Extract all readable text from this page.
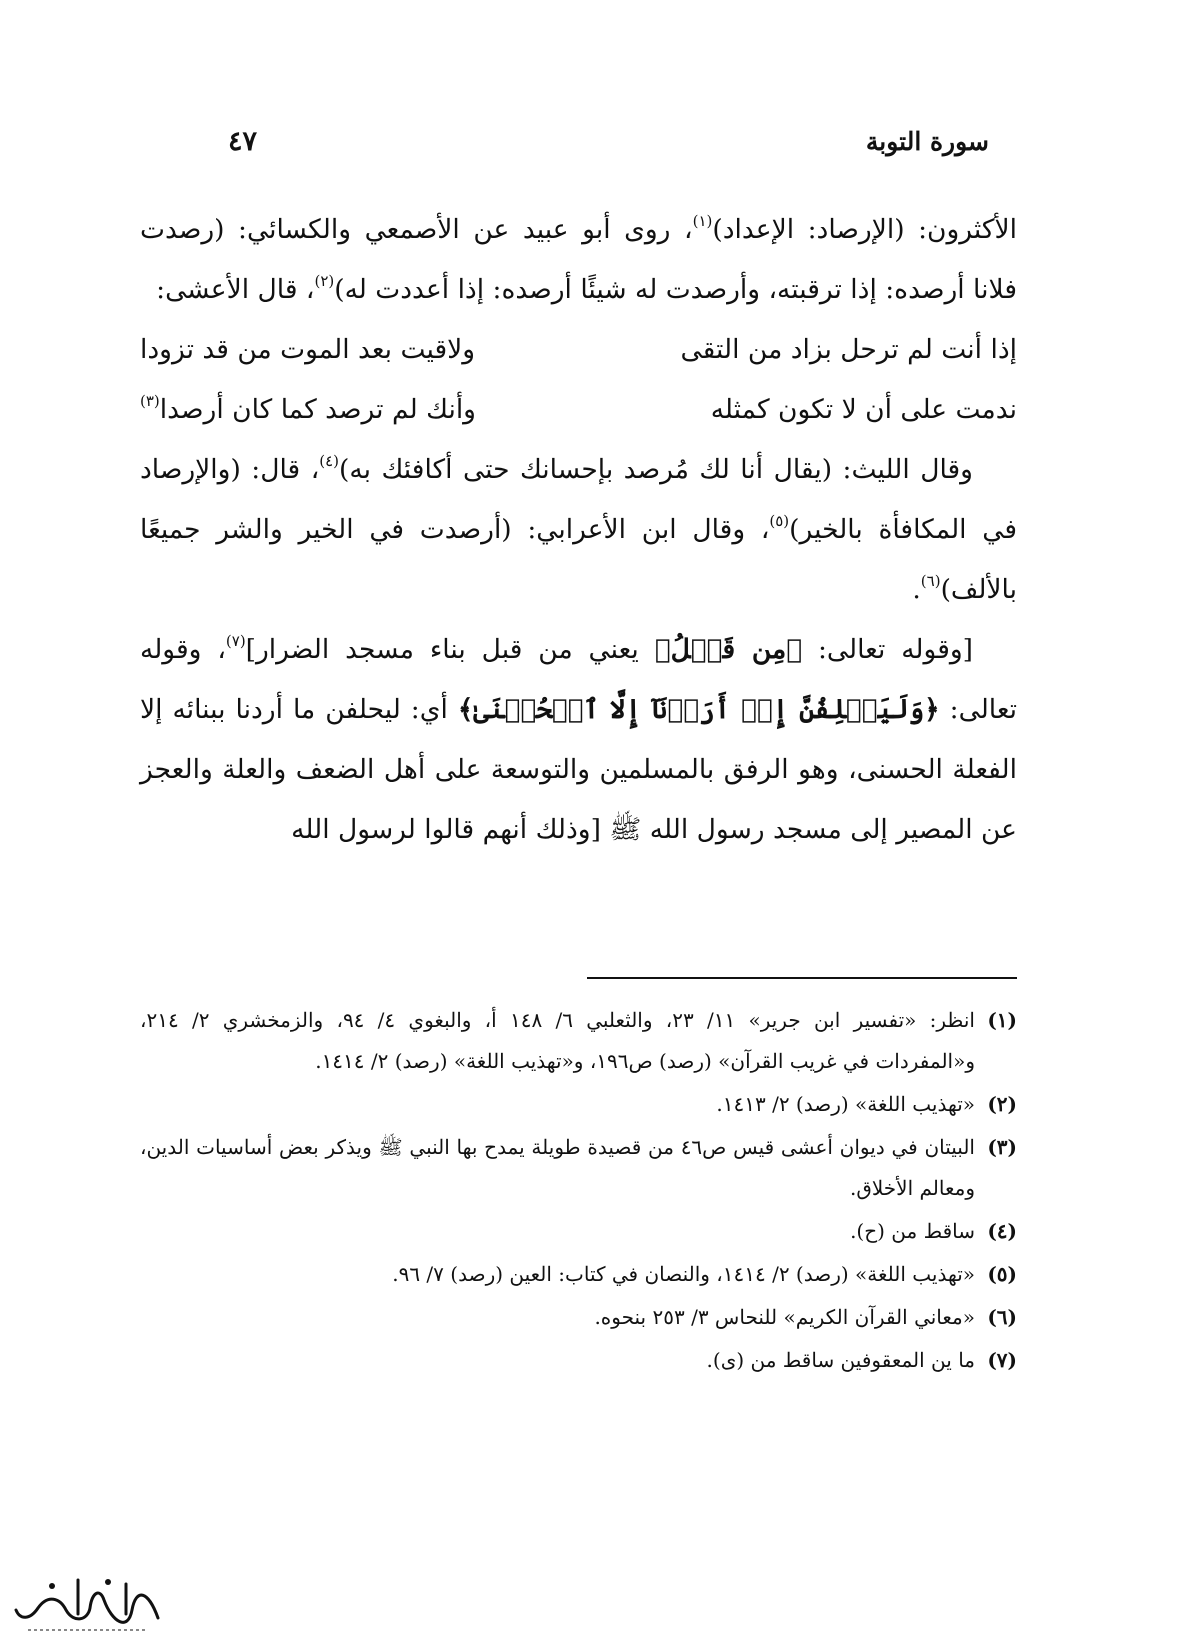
سورة التوبة
٤٧

الأكثرون: (الإرصاد: الإعداد)$^{(١)}$، روى أبو عبيد عن الأصمعي والكسائي: (رصدت فلانا أرصده: إذا ترقبته، وأرصدت له شيئًا أرصده: إذا أعددت له)$^{(٢)}$، قال الأعشى:

إذا أنت لم ترحل بزاد من التقى
ولاقيت بعد الموت من قد تزودا
ندمت على أن لا تكون كمثله
وأنك لم ترصد كما كان أرصدا$^{(٣)}$

وقال الليث: (يقال أنا لك مُرصد بإحسانك حتى أكافئك به)$^{(٤)}$، قال: (والإرصاد في المكافأة بالخير)$^{(٥)}$، وقال ابن الأعرابي: (أرصدت في الخير والشر جميعًا بالألف)$^{(٦)}$.

[وقوله تعالى: ﴿مِن قَبۡلُ﴾ يعني من قبل بناء مسجد الضرار]$^{(٧)}$، وقوله تعالى: ﴿وَلَيَحۡلِفُنَّ إِنۡ أَرَدۡنَآ إِلَّا ٱلۡحُسۡنَىٰ﴾ أي: ليحلفن ما أردنا ببنائه إلا الفعلة الحسنى، وهو الرفق بالمسلمين والتوسعة على أهل الضعف والعلة والعجز عن المصير إلى مسجد رسول الله ﷺ [وذلك أنهم قالوا لرسول الله

(١)
انظر: «تفسير ابن جرير» ١١/ ٢٣، والثعلبي ٦/ ١٤٨ أ، والبغوي ٤/ ٩٤، والزمخشري ٢/ ٢١٤، و«المفردات في غريب القرآن» (رصد) ص١٩٦، و«تهذيب اللغة» (رصد) ٢/ ١٤١٤.
(٢)
«تهذيب اللغة» (رصد) ٢/ ١٤١٣.
(٣)
البيتان في ديوان أعشى قيس ص٤٦ من قصيدة طويلة يمدح بها النبي ﷺ ويذكر بعض أساسيات الدين، ومعالم الأخلاق.
(٤)
ساقط من (ح).
(٥)
«تهذيب اللغة» (رصد) ٢/ ١٤١٤، والنصان في كتاب: العين (رصد) ٧/ ٩٦.
(٦)
«معاني القرآن الكريم» للنحاس ٣/ ٢٥٣ بنحوه.
(٧)
ما ين المعقوفين ساقط من (ى).
